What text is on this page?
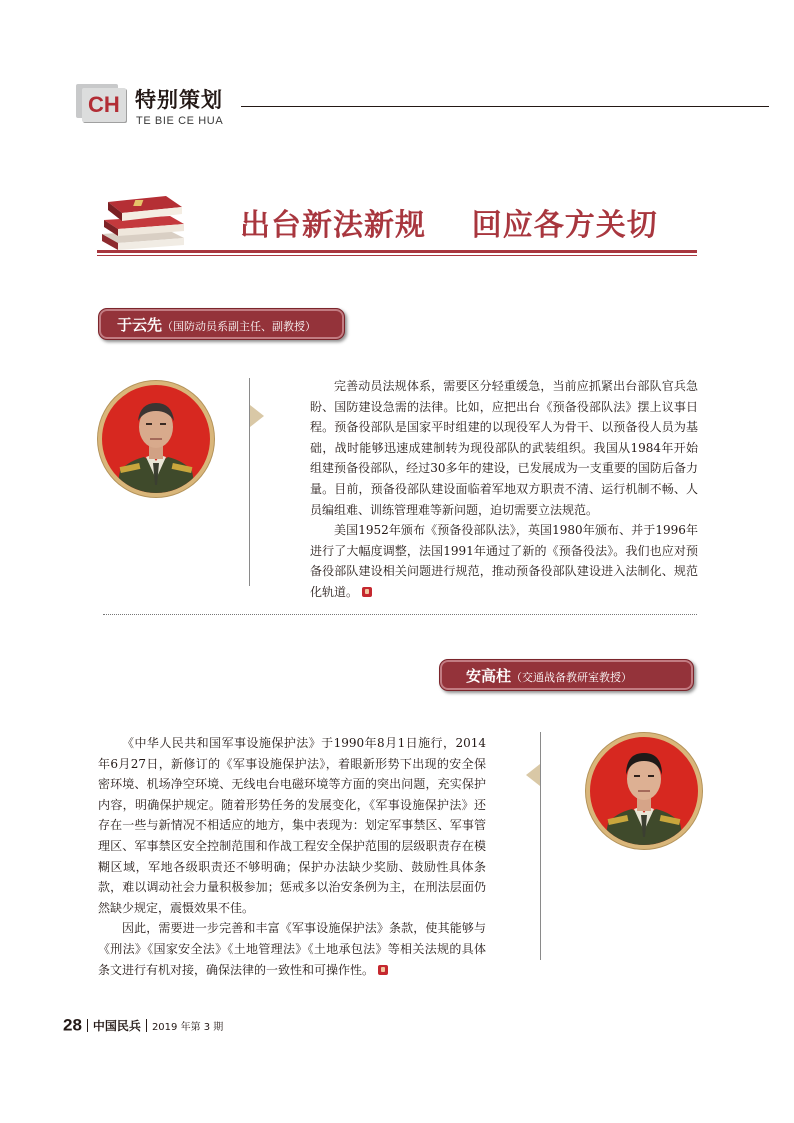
CH 特别策划
TE BIE CE HUA
出台新法新规    回应各方关切
于云先（国防动员系副主任、副教授）

完善动员法规体系，需要区分轻重缓急，当前应抓紧出台部队官兵急盼、国防建设急需的法律。比如，应把出台《预备役部队法》摆上议事日程。预备役部队是国家平时组建的以现役军人为骨干、以预备役人员为基础，战时能够迅速成建制转为现役部队的武装组织。我国从1984年开始组建预备役部队，经过30多年的建设，已发展成为一支重要的国防后备力量。目前，预备役部队建设面临着军地双方职责不清、运行机制不畅、人员编组难、训练管理难等新问题，迫切需要立法规范。

美国1952年颁布《预备役部队法》，英国1980年颁布、并于1996年进行了大幅度调整，法国1991年通过了新的《预备役法》。我们也应对预备役部队建设相关问题进行规范，推动预备役部队建设进入法制化、规范化轨道。

安高柱（交通战备教研室教授）

《中华人民共和国军事设施保护法》于1990年8月1日施行，2014年6月27日，新修订的《军事设施保护法》，着眼新形势下出现的安全保密环境、机场净空环境、无线电台电磁环境等方面的突出问题，充实保护内容，明确保护规定。随着形势任务的发展变化，《军事设施保护法》还存在一些与新情况不相适应的地方，集中表现为：划定军事禁区、军事管理区、军事禁区安全控制范围和作战工程安全保护范围的层级职责存在模糊区域，军地各级职责还不够明确；保护办法缺少奖励、鼓励性具体条款，难以调动社会力量积极参加；惩戒多以治安条例为主，在刑法层面仍然缺少规定，震慑效果不佳。

因此，需要进一步完善和丰富《军事设施保护法》条款，使其能够与《刑法》《国家安全法》《土地管理法》《土地承包法》等相关法规的具体条文进行有机对接，确保法律的一致性和可操作性。

28 中国民兵 2019 年第 3 期
